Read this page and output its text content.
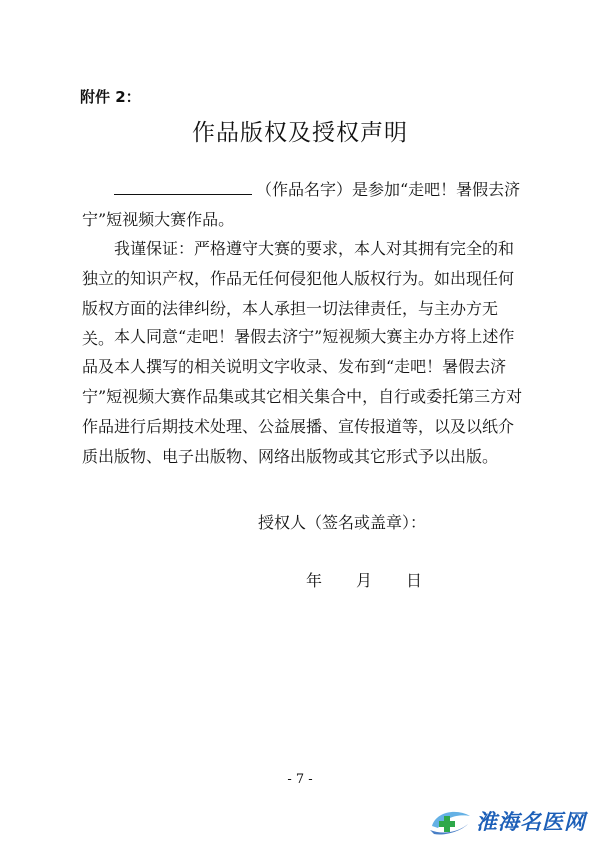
附件 2：
作品版权及授权声明

（作品名字）是参加“走吧！暑假去济宁”短视频大赛作品。

我谨保证：严格遵守大赛的要求，本人对其拥有完全的和独立的知识产权，作品无任何侵犯他人版权行为。如出现任何版权方面的法律纠纷，本人承担一切法律责任，与主办方无关。 本人同意“走吧！暑假去济宁”短视频大赛主办方将上述作品及本人撰写的相关说明文字收录、发布到“走吧！暑假去济宁”短视频大赛作品集或其它相关集合中，自行或委托第三方对作品进行后期技术处理、公益展播、宣传报道等，以及以纸介质出版物、电子出版物、网络出版物或其它形式予以出版。

授权人（签名或盖章）：
年	月	日
- 7 -
淮海名医网
